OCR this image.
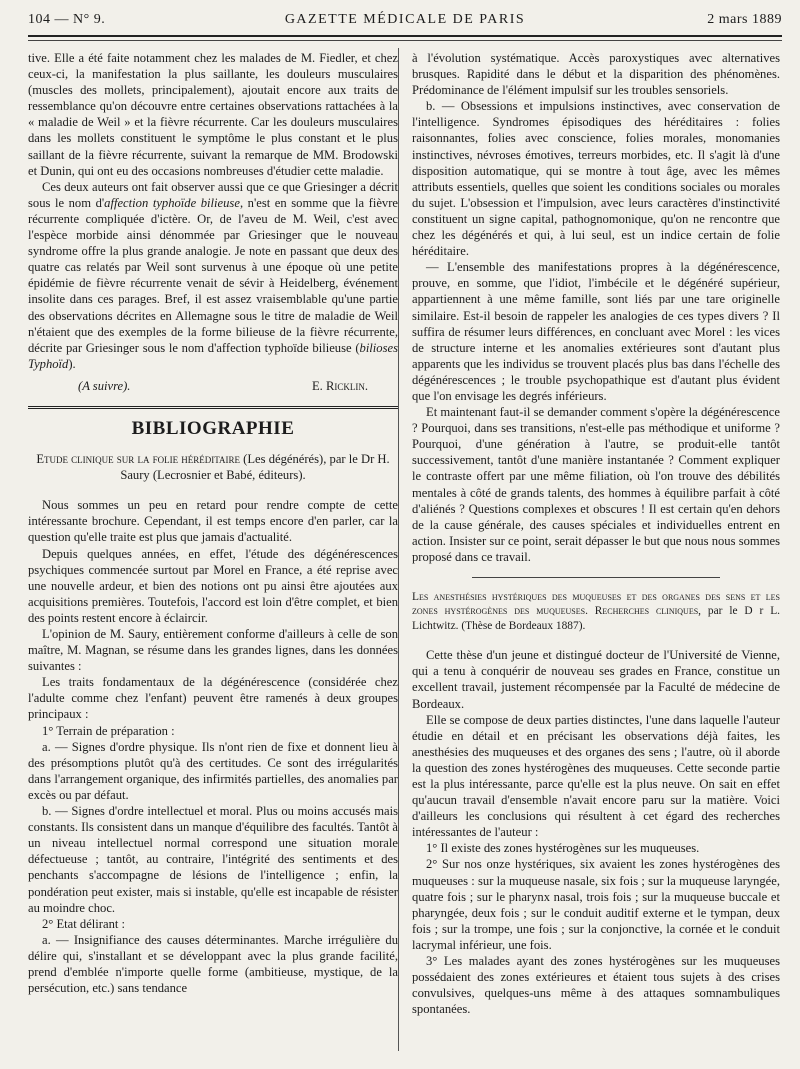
104 — N° 9.	GAZETTE MÉDICALE DE PARIS	2 mars 1889

tive. Elle a été faite notamment chez les malades de M. Fiedler, et chez ceux-ci, la manifestation la plus saillante, les douleurs musculaires (muscles des mollets, principalement), ajoutait encore aux traits de ressemblance qu'on découvre entre certaines observations rattachées à la « maladie de Weil » et la fièvre récurrente. Car les douleurs musculaires dans les mollets constituent le symptôme le plus constant et le plus saillant de la fièvre récurrente, suivant la remarque de MM. Brodowski et Dunin, qui ont eu des occasions nombreuses d'étudier cette maladie.

Ces deux auteurs ont fait observer aussi que ce que Griesinger a décrit sous le nom d'affection typhoïde bilieuse, n'est en somme que la fièvre récurrente compliquée d'ictère. Or, de l'aveu de M. Weil, c'est avec l'espèce morbide ainsi dénommée par Griesinger que le nouveau syndrome offre la plus grande analogie. Je note en passant que deux des quatre cas relatés par Weil sont survenus à une époque où une petite épidémie de fièvre récurrente venait de sévir à Heidelberg, événement insolite dans ces parages. Bref, il est assez vraisemblable qu'une partie des observations décrites en Allemagne sous le titre de maladie de Weil n'étaient que des exemples de la forme bilieuse de la fièvre récurrente, décrite par Griesinger sous le nom d'affection typhoïde bilieuse (bilioses Typhoïd).

(A suivre).	E. Ricklin.
BIBLIOGRAPHIE

Etude clinique sur la folie héréditaire (Les dégénérés), par le Dr H. Saury (Lecrosnier et Babé, éditeurs).

Nous sommes un peu en retard pour rendre compte de cette intéressante brochure. Cependant, il est temps encore d'en parler, car la question qu'elle traite est plus que jamais d'actualité.

Depuis quelques années, en effet, l'étude des dégénérescences psychiques commencée surtout par Morel en France, a été reprise avec une nouvelle ardeur, et bien des notions ont pu ainsi être ajoutées aux acquisitions premières. Toutefois, l'accord est loin d'être complet, et bien des points restent encore à éclaircir.

L'opinion de M. Saury, entièrement conforme d'ailleurs à celle de son maître, M. Magnan, se résume dans les grandes lignes, dans les données suivantes :

Les traits fondamentaux de la dégénérescence (considérée chez l'adulte comme chez l'enfant) peuvent être ramenés à deux groupes principaux :

1° Terrain de préparation :

a. — Signes d'ordre physique. Ils n'ont rien de fixe et donnent lieu à des présomptions plutôt qu'à des certitudes. Ce sont des irrégularités dans l'arrangement organique, des infirmités partielles, des anomalies par excès ou par défaut.

b. — Signes d'ordre intellectuel et moral. Plus ou moins accusés mais constants. Ils consistent dans un manque d'équilibre des facultés. Tantôt à un niveau intellectuel normal correspond une situation morale défectueuse ; tantôt, au contraire, l'intégrité des sentiments et des penchants s'accompagne de lésions de l'intelligence ; enfin, la pondération peut exister, mais si instable, qu'elle est incapable de résister au moindre choc.

2° Etat délirant :

a. — Insignifiance des causes déterminantes. Marche irrégulière du délire qui, s'installant et se développant avec la plus grande facilité, prend d'emblée n'importe quelle forme (ambitieuse, mystique, de la persécution, etc.) sans tendance

à l'évolution systématique. Accès paroxystiques avec alternatives brusques. Rapidité dans le début et la disparition des phénomènes. Prédominance de l'élément impulsif sur les troubles sensoriels.

b. — Obsessions et impulsions instinctives, avec conservation de l'intelligence. Syndromes épisodiques des héréditaires : folies raisonnantes, folies avec conscience, folies morales, monomanies instinctives, névroses émotives, terreurs morbides, etc. Il s'agit là d'une disposition automatique, qui se montre à tout âge, avec les mêmes attributs essentiels, quelles que soient les conditions sociales ou morales du sujet. L'obsession et l'impulsion, avec leurs caractères d'instinctivité constituent un signe capital, pathognomonique, qu'on ne rencontre que chez les dégénérés et qui, à lui seul, est un indice certain de folie héréditaire.

— L'ensemble des manifestations propres à la dégénérescence, prouve, en somme, que l'idiot, l'imbécile et le dégénéré supérieur, appartiennent à une même famille, sont liés par une tare originelle similaire. Est-il besoin de rappeler les analogies de ces types divers ? Il suffira de résumer leurs différences, en concluant avec Morel : les vices de structure interne et les anomalies extérieures sont d'autant plus apparents que les individus se trouvent placés plus bas dans l'échelle des dégénérescences ; le trouble psychopathique est d'autant plus évident que l'on envisage les degrés inférieurs.

Et maintenant faut-il se demander comment s'opère la dégénérescence ? Pourquoi, dans ses transitions, n'est-elle pas méthodique et uniforme ? Pourquoi, d'une génération à l'autre, se produit-elle tantôt successivement, tantôt d'une manière instantanée ? Comment expliquer le contraste offert par une même filiation, où l'on trouve des débilités mentales à côté de grands talents, des hommes à équilibre parfait à côté d'aliénés ? Questions complexes et obscures ! Il est certain qu'en dehors de la cause générale, des causes spéciales et individuelles entrent en action. Insister sur ce point, serait dépasser le but que nous nous sommes proposé dans ce travail.

Les anesthésies hystériques des muqueuses et des organes des sens et les zones hystérogènes des muqueuses. Recherches cliniques, par le D r L. Lichtwitz. (Thèse de Bordeaux 1887).

Cette thèse d'un jeune et distingué docteur de l'Université de Vienne, qui a tenu à conquérir de nouveau ses grades en France, constitue un excellent travail, justement récompensée par la Faculté de médecine de Bordeaux.

Elle se compose de deux parties distinctes, l'une dans laquelle l'auteur étudie en détail et en précisant les observations déjà faites, les anesthésies des muqueuses et des organes des sens ; l'autre, où il aborde la question des zones hystérogènes des muqueuses. Cette seconde partie est la plus intéressante, parce qu'elle est la plus neuve. On sait en effet qu'aucun travail d'ensemble n'avait encore paru sur la matière. Voici d'ailleurs les conclusions qui résultent à cet égard des recherches intéressantes de l'auteur :

1° Il existe des zones hystérogènes sur les muqueuses.

2° Sur nos onze hystériques, six avaient les zones hystérogènes des muqueuses : sur la muqueuse nasale, six fois ; sur la muqueuse laryngée, quatre fois ; sur le pharynx nasal, trois fois ; sur la muqueuse buccale et pharyngée, deux fois ; sur le conduit auditif externe et le tympan, deux fois ; sur la trompe, une fois ; sur la conjonctive, la cornée et le conduit lacrymal inférieur, une fois.

3° Les malades ayant des zones hystérogènes sur les muqueuses possédaient des zones extérieures et étaient tous sujets à des crises convulsives, quelques-uns même à des attaques somnambuliques spontanées.
